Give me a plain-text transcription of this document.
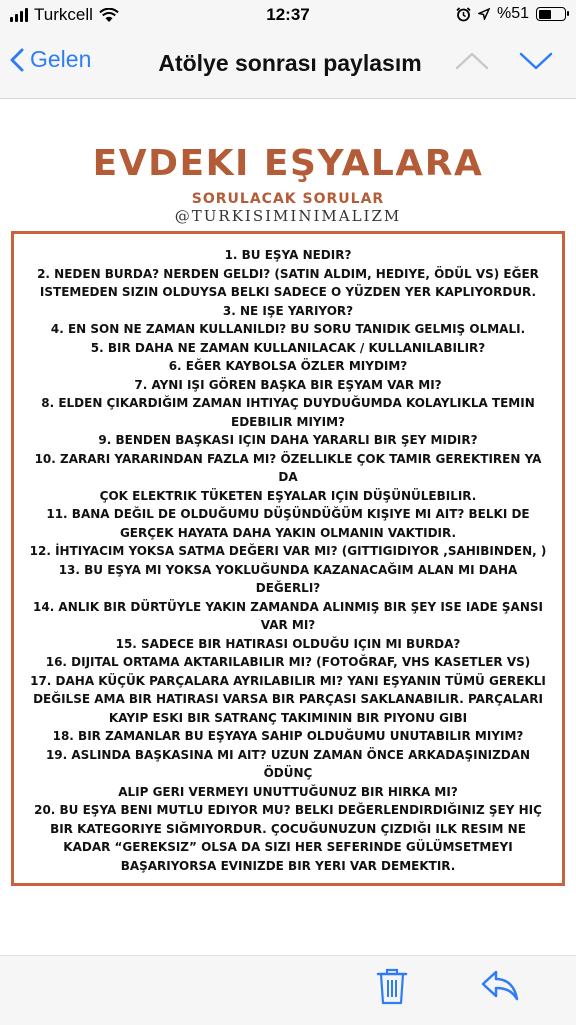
Turkcell	12:37	%51
Gelen	Atölye sonrası paylasım
EVDEKI EŞYALARA
SORULACAK SORULAR
@TURKISIMINIMALIZM
1. BU EŞYA NEDIR?
2. NEDEN BURDA? NERDEN GELDI? (SATIN ALDIM, HEDIYE, ÖDÜL VS) EĞER
ISTEMEDEN SIZIN OLDUYSA BELKI SADECE O YÜZDEN YER KAPLIYORDUR.
3. NE IŞE YARIYOR?
4. EN SON NE ZAMAN KULLANILDI? BU SORU TANIDIK GELMIŞ OLMALI.
5. BIR DAHA NE ZAMAN KULLANILACAK / KULLANILABILIR?
6. EĞER KAYBOLSA ÖZLER MIYDIM?
7. AYNI IŞI GÖREN BAŞKA BIR EŞYAM VAR MI?
8. ELDEN ÇIKARDIĞIM ZAMAN IHTIYAÇ DUYDUĞUMDA KOLAYLIKLA TEMIN
EDEBILIR MIYIM?
9. BENDEN BAŞKASI IÇIN DAHA YARARLI BIR ŞEY MIDIR?
10. ZARARI YARARINDAN FAZLA MI? ÖZELLIKLE ÇOK TAMIR GEREKTIREN YA DA
ÇOK ELEKTRIK TÜKETEN EŞYALAR IÇIN DÜŞÜNÜLEBILIR.
11. BANA DEĞIL DE OLDUĞUMU DÜŞÜNDÜĞÜM KIŞIYE MI AIT? BELKI DE
GERÇEK HAYATA DAHA YAKIN OLMANIN VAKTIDIR.
12. İHTIYACIM YOKSA SATMA DEĞERI VAR MI? (GITTIGIDIYOR ,SAHIBINDEN, )
13. BU EŞYA MI YOKSA YOKLUĞUNDA KAZANACAĞIM ALAN MI DAHA DEĞERLI?
14. ANLIK BIR DÜRTÜYLE YAKIN ZAMANDA ALINMIŞ BIR ŞEY ISE IADE ŞANSI
VAR MI?
15. SADECE BIR HATIRASI OLDUĞU IÇIN MI BURDA?
16. DIJITAL ORTAMA AKTARILABILIR MI? (FOTOĞRAF, VHS KASETLER VS)
17. DAHA KÜÇÜK PARÇALARA AYRILABILIR MI? YANI EŞYANIN TÜMÜ GEREKLI
DEĞILSE AMA BIR HATIRASI VARSA BIR PARÇASI SAKLANABILIR. PARÇALARI
KAYIP ESKI BIR SATRANÇ TAKIMININ BIR PIYONU GIBI
18. BIR ZAMANLAR BU EŞYAYA SAHIP OLDUĞUMU UNUTABILIR MIYIM?
19. ASLINDA BAŞKASINA MI AIT? UZUN ZAMAN ÖNCE ARKADAŞINIZDAN ÖDÜNÇ
ALIP GERI VERMEYI UNUTTUĞUNUZ BIR HIRKA MI?
20. BU EŞYA BENI MUTLU EDIYOR MU? BELKI DEĞERLENDIRDIĞINIZ ŞEY HIÇ
BIR KATEGORIYE SIĞMIYORDUR. ÇOCUĞUNUZUN ÇIZDIĞI ILK RESIM NE
KADAR “GEREKSIZ” OLSA DA SIZI HER SEFERINDE GÜLÜMSETMEYI
BAŞARIYORSA EVINIZDE BIR YERI VAR DEMEKTIR.
